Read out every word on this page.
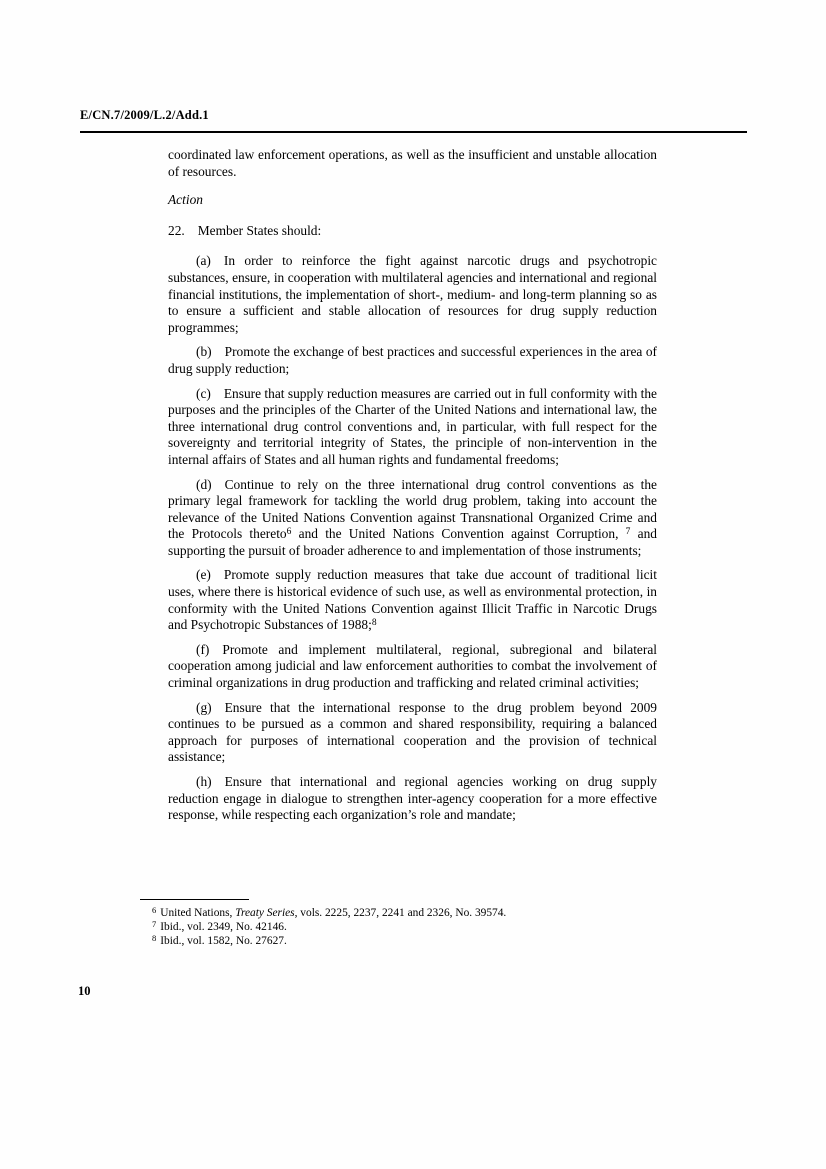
E/CN.7/2009/L.2/Add.1

coordinated law enforcement operations, as well as the insufficient and unstable allocation of resources.

Action

22. Member States should:

(a) In order to reinforce the fight against narcotic drugs and psychotropic substances, ensure, in cooperation with multilateral agencies and international and regional financial institutions, the implementation of short-, medium- and long-term planning so as to ensure a sufficient and stable allocation of resources for drug supply reduction programmes;

(b) Promote the exchange of best practices and successful experiences in the area of drug supply reduction;

(c) Ensure that supply reduction measures are carried out in full conformity with the purposes and the principles of the Charter of the United Nations and international law, the three international drug control conventions and, in particular, with full respect for the sovereignty and territorial integrity of States, the principle of non-intervention in the internal affairs of States and all human rights and fundamental freedoms;

(d) Continue to rely on the three international drug control conventions as the primary legal framework for tackling the world drug problem, taking into account the relevance of the United Nations Convention against Transnational Organized Crime and the Protocols thereto$^6$ and the United Nations Convention against Corruption, $^7$ and supporting the pursuit of broader adherence to and implementation of those instruments;

(e) Promote supply reduction measures that take due account of traditional licit uses, where there is historical evidence of such use, as well as environmental protection, in conformity with the United Nations Convention against Illicit Traffic in Narcotic Drugs and Psychotropic Substances of 1988;$^8$

(f) Promote and implement multilateral, regional, subregional and bilateral cooperation among judicial and law enforcement authorities to combat the involvement of criminal organizations in drug production and trafficking and related criminal activities;

(g) Ensure that the international response to the drug problem beyond 2009 continues to be pursued as a common and shared responsibility, requiring a balanced approach for purposes of international cooperation and the provision of technical assistance;

(h) Ensure that international and regional agencies working on drug supply reduction engage in dialogue to strengthen inter-agency cooperation for a more effective response, while respecting each organization’s role and mandate;

$^6$ United Nations, Treaty Series, vols. 2225, 2237, 2241 and 2326, No. 39574.

$^7$ Ibid., vol. 2349, No. 42146.

$^8$ Ibid., vol. 1582, No. 27627.

10
